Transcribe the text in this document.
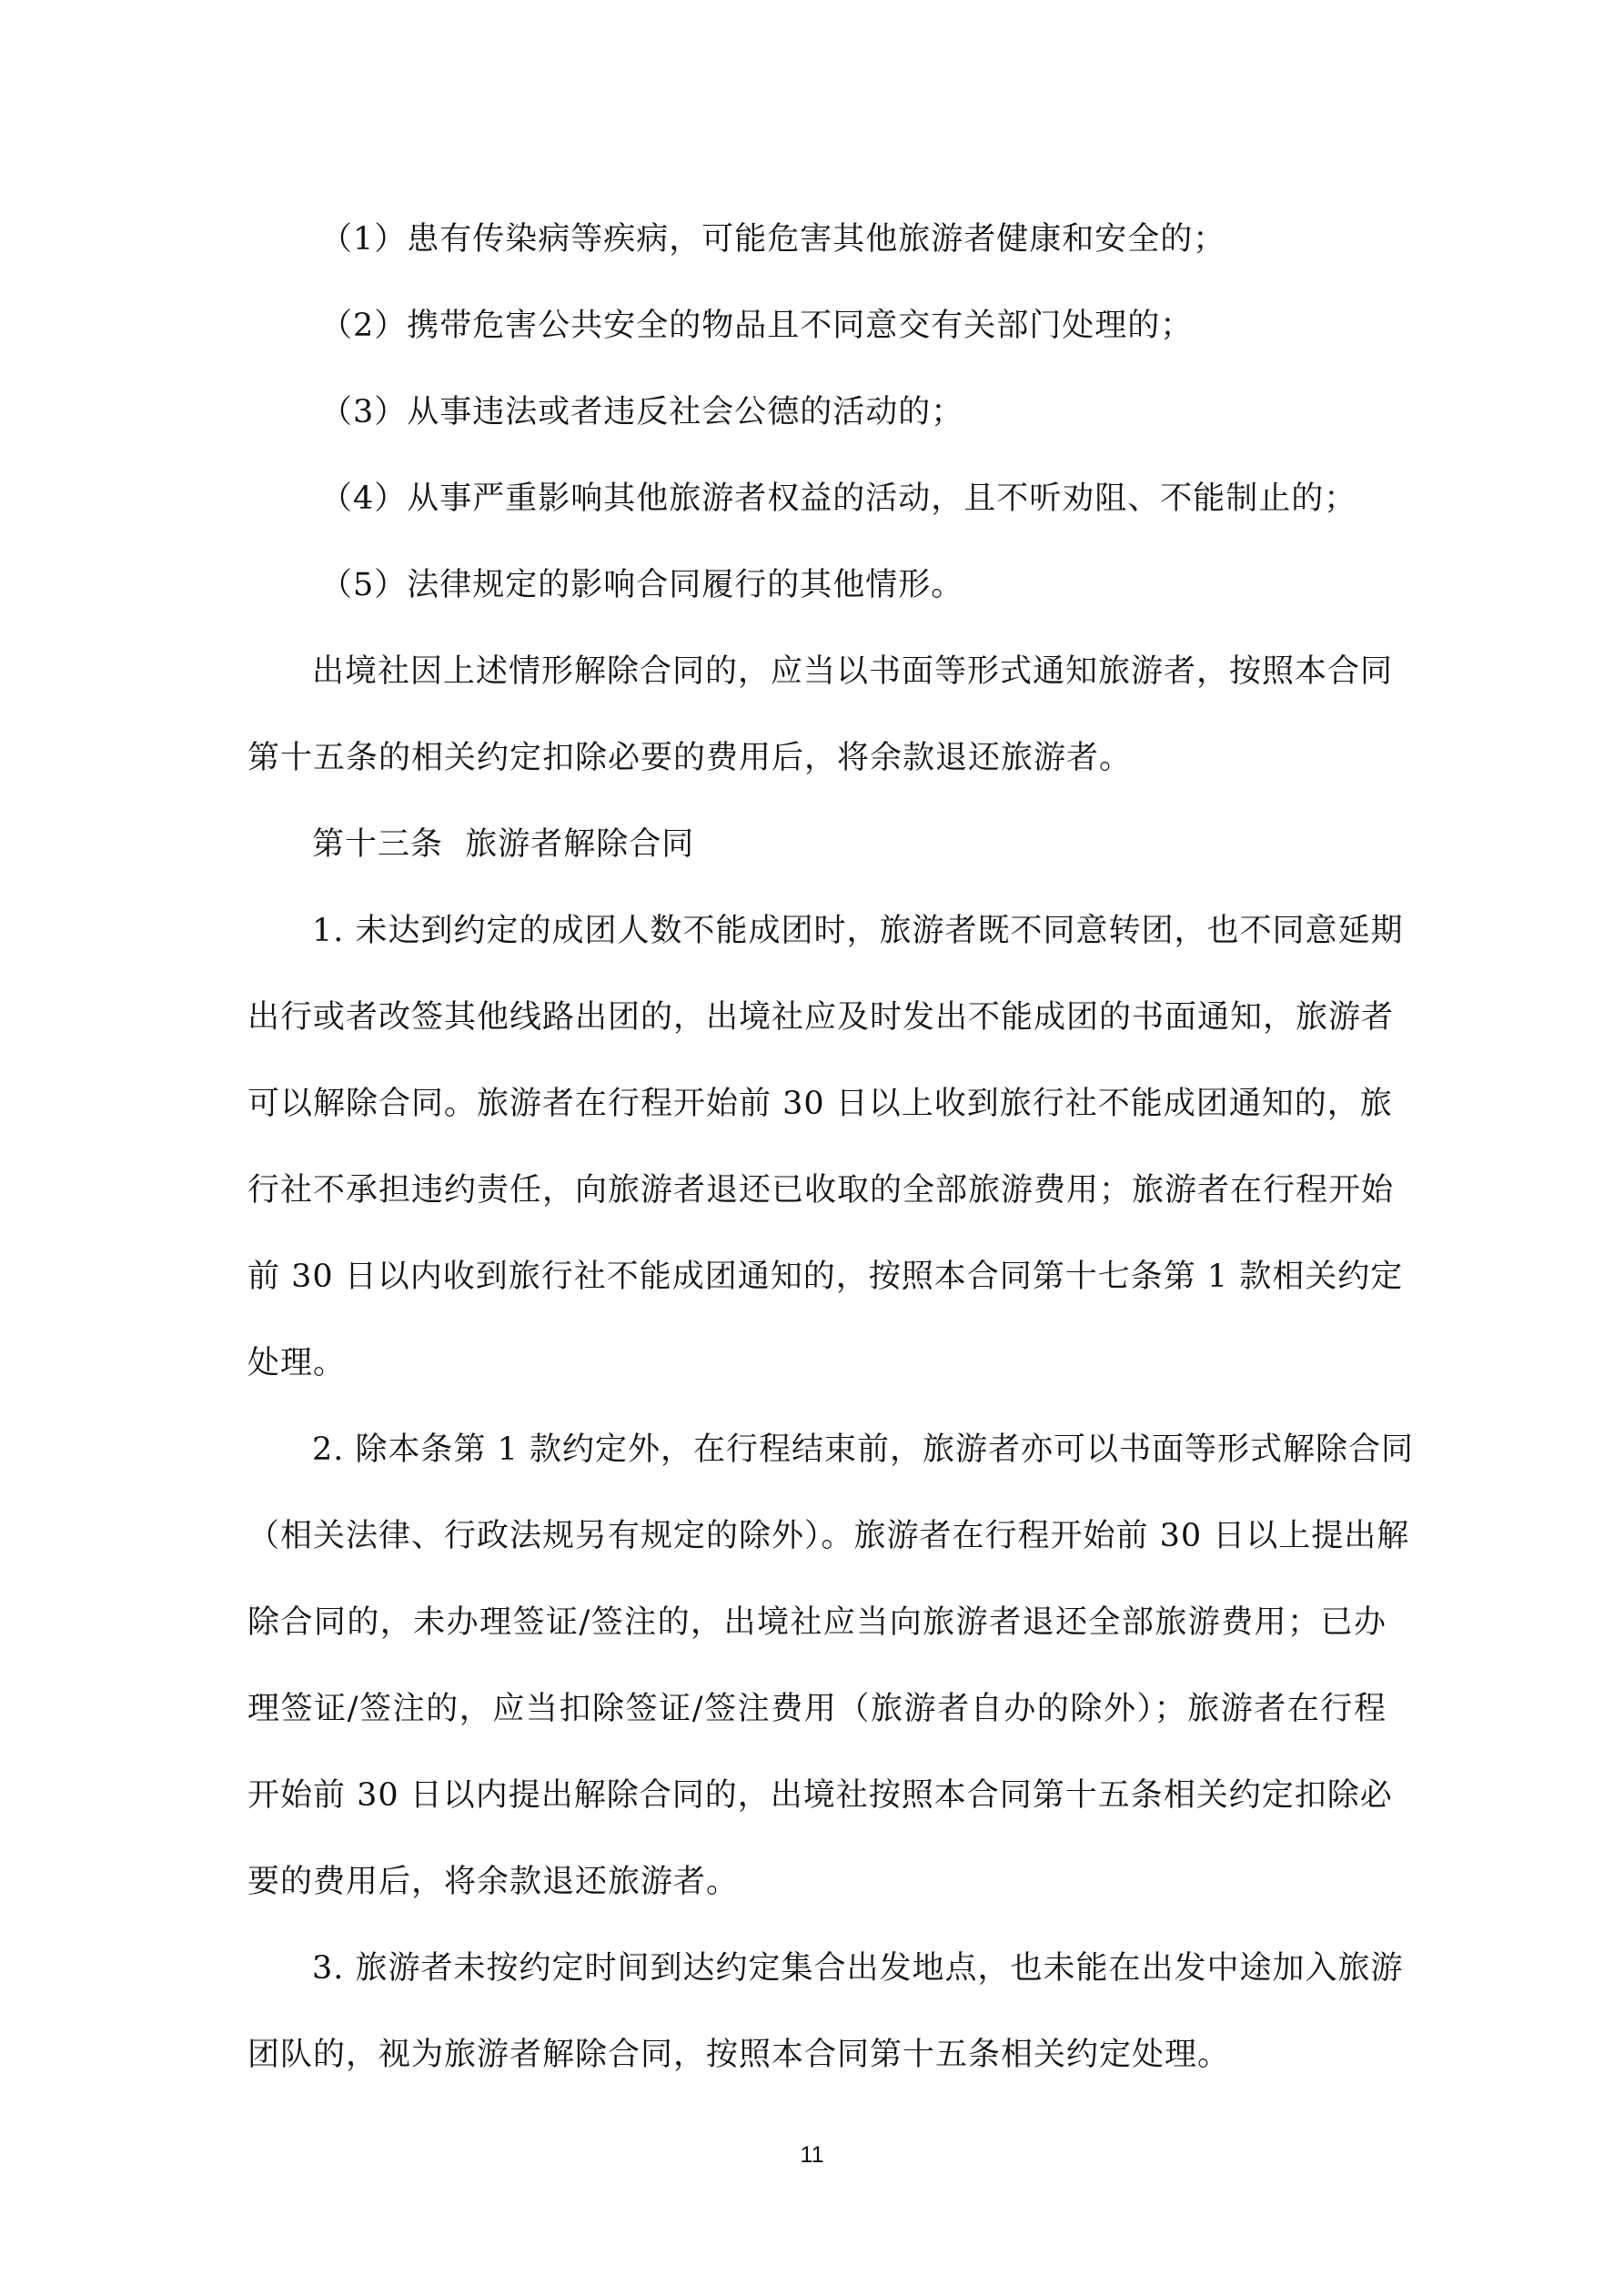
（1）患有传染病等疾病，可能危害其他旅游者健康和安全的；
（2）携带危害公共安全的物品且不同意交有关部门处理的；
（3）从事违法或者违反社会公德的活动的；
（4）从事严重影响其他旅游者权益的活动，且不听劝阻、不能制止的；
（5）法律规定的影响合同履行的其他情形。
出境社因上述情形解除合同的，应当以书面等形式通知旅游者，按照本合同
第十五条的相关约定扣除必要的费用后，将余款退还旅游者。
第十三条  旅游者解除合同
1. 未达到约定的成团人数不能成团时，旅游者既不同意转团，也不同意延期
出行或者改签其他线路出团的，出境社应及时发出不能成团的书面通知，旅游者
可以解除合同。旅游者在行程开始前 30 日以上收到旅行社不能成团通知的，旅
行社不承担违约责任，向旅游者退还已收取的全部旅游费用；旅游者在行程开始
前 30 日以内收到旅行社不能成团通知的，按照本合同第十七条第 1 款相关约定
处理。
2. 除本条第 1 款约定外，在行程结束前，旅游者亦可以书面等形式解除合同
（相关法律、行政法规另有规定的除外）。旅游者在行程开始前 30 日以上提出解
除合同的，未办理签证/签注的，出境社应当向旅游者退还全部旅游费用；已办
理签证/签注的，应当扣除签证/签注费用（旅游者自办的除外）；旅游者在行程
开始前 30 日以内提出解除合同的，出境社按照本合同第十五条相关约定扣除必
要的费用后，将余款退还旅游者。
3. 旅游者未按约定时间到达约定集合出发地点，也未能在出发中途加入旅游
团队的，视为旅游者解除合同，按照本合同第十五条相关约定处理。
11
